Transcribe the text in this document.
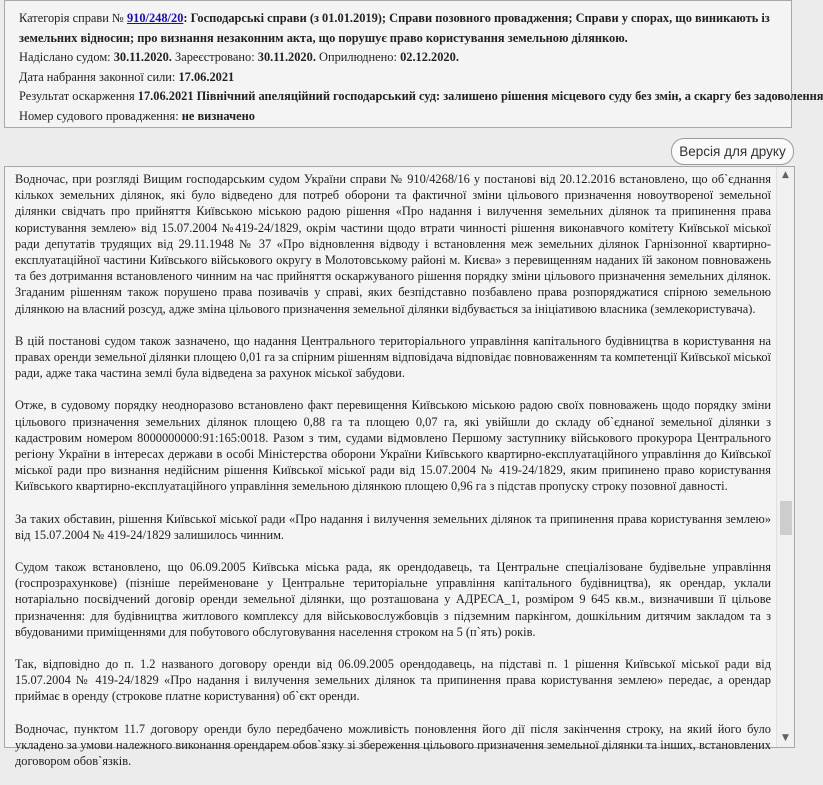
Категорія справи № 910/248/20: Господарські справи (з 01.01.2019); Справи позовного провадження; Справи у спорах, що виникають із земельних відносин; про визнання незаконним акта, що порушує право користування земельною ділянкою.
Надіслано судом: 30.11.2020. Зареєстровано: 30.11.2020. Оприлюднено: 02.12.2020.
Дата набрання законної сили: 17.06.2021
Результат оскарження 17.06.2021 Північний апеляційний господарський суд: залишено рішення місцевого суду без змін, а скаргу без задоволення
Номер судового провадження: не визначено
Версія для друку

Водночас, при розгляді Вищим господарським судом України справи № 910/4268/16 у постанові від 20.12.2016 встановлено, що об`єднання кількох земельних ділянок, які було відведено для потреб оборони та фактичної зміни цільового призначення новоутвореної земельної ділянки свідчать про прийняття Київською міською радою рішення «Про надання і вилучення земельних ділянок та припинення права користування землею» від 15.07.2004 №419-24/1829, окрім частини щодо втрати чинності рішення виконавчого комітету Київської міської ради депутатів трудящих від 29.11.1948 № 37 «Про відновлення відводу і встановлення меж земельних ділянок Гарнізонної квартирно-експлуатаційної частини Київського військового округу в Молотовському районі м. Києва» з перевищенням наданих їй законом повноважень та без дотримання встановленого чинним на час прийняття оскаржуваного рішення порядку зміни цільового призначення земельних ділянок. Згаданим рішенням також порушено права позивачів у справі, яких безпідставно позбавлено права розпоряджатися спірною земельною ділянкою на власний розсуд, адже зміна цільового призначення земельної ділянки відбувається за ініціативою власника (землекористувача).

В цій постанові судом також зазначено, що надання Центрального територіального управління капітального будівництва в користування на правах оренди земельної ділянки площею 0,01 га за спірним рішенням відповідача відповідає повноваженням та компетенції Київської міської ради, адже така частина землі була відведена за рахунок міської забудови.

Отже, в судовому порядку неодноразово встановлено факт перевищення Київською міською радою своїх повноважень щодо порядку зміни цільового призначення земельних ділянок площею 0,88 га та площею 0,07 га, які увійшли до складу об`єднаної земельної ділянки з кадастровим номером 8000000000:91:165:0018. Разом з тим, судами відмовлено Першому заступнику військового прокурора Центрального регіону України в інтересах держави в особі Міністерства оборони України Київського квартирно-експлуатаційного управління до Київської міської ради про визнання недійсним рішення Київської міської ради від 15.07.2004 № 419-24/1829, яким припинено право користування Київського квартирно-експлуатаційного управління земельною ділянкою площею 0,96 га з підстав пропуску строку позовної давності.

За таких обставин, рішення Київської міської ради «Про надання і вилучення земельних ділянок та припинення права користування землею» від 15.07.2004 № 419-24/1829 залишилось чинним.

Судом також встановлено, що 06.09.2005 Київська міська рада, як орендодавець, та Центральне спеціалізоване будівельне управління (госпрозрахункове) (пізніше перейменоване у Центральне територіальне управління капітального будівництва), як орендар, уклали нотаріально посвідчений договір оренди земельної ділянки, що розташована у АДРЕСА_1, розміром 9 645 кв.м., визначивши її цільове призначення: для будівництва житлового комплексу для військовослужбовців з підземним паркінгом, дошкільним дитячим закладом та з вбудованими приміщеннями для побутового обслуговування населення строком на 5 (п`ять) років.

Так, відповідно до п. 1.2 названого договору оренди від 06.09.2005 орендодавець, на підставі п. 1 рішення Київської міської ради від 15.07.2004 № 419-24/1829 «Про надання і вилучення земельних ділянок та припинення права користування землею» передає, а орендар приймає в оренду (строкове платне користування) об`єкт оренди.

Водночас, пунктом 11.7 договору оренди було передбачено можливість поновлення його дії після закінчення строку, на який його було укладено за умови належного виконання орендарем обов`язку зі збереження цільового призначення земельної ділянки та інших, встановлених договором обов`язків.

▲
▼
